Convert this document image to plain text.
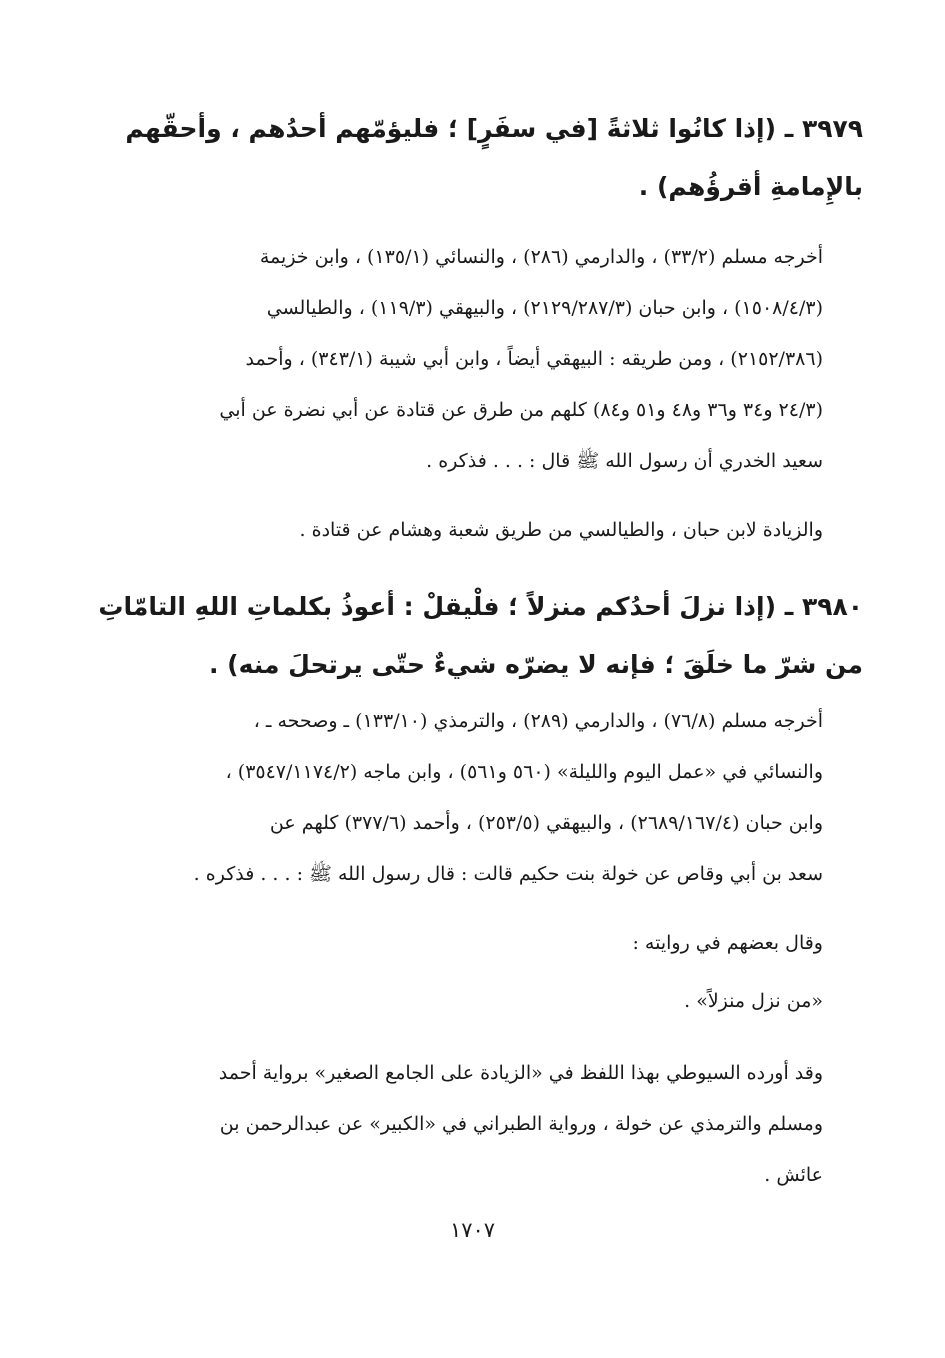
٣٩٧٩ ـ (إذا كانُوا ثلاثةً [في سفَرٍ] ؛ فليؤمّهم أحدُهم ، وأحقّهم
بالإِمامةِ أقرؤُهم) .
أخرجه مسلم (٣٣/٢) ، والدارمي (٢٨٦) ، والنسائي (١٣٥/١) ، وابن خزيمة
(١٥٠٨/٤/٣) ، وابن حبان (٢١٢٩/٢٨٧/٣) ، والبيهقي (١١٩/٣) ، والطيالسي
(٢١٥٢/٣٨٦) ، ومن طريقه : البيهقي أيضاً ، وابن أبي شيبة (٣٤٣/١) ، وأحمد
(٢٤/٣ و٣٤ و٣٦ و٤٨ و٥١ و٨٤) كلهم من طرق عن قتادة عن أبي نضرة عن أبي
سعيد الخدري أن رسول الله ﷺ قال : . . . فذكره .
والزيادة لابن حبان ، والطيالسي من طريق شعبة وهشام عن قتادة .
٣٩٨٠ ـ (إذا نزلَ أحدُكم منزلاً ؛ فلْيقلْ : أعوذُ بكلماتِ اللهِ التامّاتِ
من شرّ ما خلَقَ ؛ فإنه لا يضرّه شيءٌ حتّى يرتحلَ منه) .
أخرجه مسلم (٧٦/٨) ، والدارمي (٢٨٩) ، والترمذي (١٣٣/١٠) ـ وصححه ـ ،
والنسائي في «عمل اليوم والليلة» (٥٦٠ و٥٦١) ، وابن ماجه (٣٥٤٧/١١٧٤/٢) ،
وابن حبان (٢٦٨٩/١٦٧/٤) ، والبيهقي (٢٥٣/٥) ، وأحمد (٣٧٧/٦) كلهم عن
سعد بن أبي وقاص عن خولة بنت حكيم قالت : قال رسول الله ﷺ : . . . فذكره .
وقال بعضهم في روايته :
«من نزل منزلاً» .
وقد أورده السيوطي بهذا اللفظ في «الزيادة على الجامع الصغير» برواية أحمد
ومسلم والترمذي عن خولة ، ورواية الطبراني في «الكبير» عن عبدالرحمن بن
عائش .
١٧٠٧
